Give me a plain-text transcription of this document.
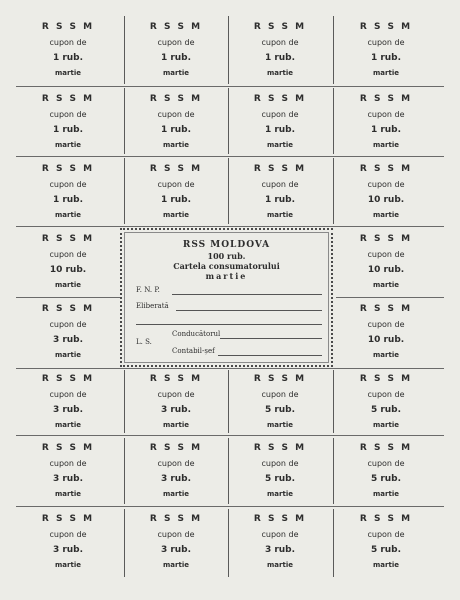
R S S M
cupon de
1 rub.
martie
R S S M
cupon de
1 rub.
martie
R S S M
cupon de
1 rub.
martie
R S S M
cupon de
1 rub.
martie
R S S M
cupon de
1 rub.
martie
R S S M
cupon de
1 rub.
martie
R S S M
cupon de
1 rub.
martie
R S S M
cupon de
1 rub.
martie
R S S M
cupon de
1 rub.
martie
R S S M
cupon de
1 rub.
martie
R S S M
cupon de
1 rub.
martie
R S S M
cupon de
10 rub.
martie
R S S M
cupon de
10 rub.
martie
R S S M
cupon de
10 rub.
martie
R S S M
cupon de
3 rub.
martie
R S S M
cupon de
10 rub.
martie
R S S M
cupon de
3 rub.
martie
R S S M
cupon de
3 rub.
martie
R S S M
cupon de
5 rub.
martie
R S S M
cupon de
5 rub.
martie
R S S M
cupon de
3 rub.
martie
R S S M
cupon de
3 rub.
martie
R S S M
cupon de
5 rub.
martie
R S S M
cupon de
5 rub.
martie
R S S M
cupon de
3 rub.
martie
R S S M
cupon de
3 rub.
martie
R S S M
cupon de
3 rub.
martie
R S S M
cupon de
5 rub.
martie
RSS MOLDOVA
100 rub.
Cartela consumatorului
martie
F. N. P.
Eliberată
Conducătorul
L. S.
Contabil-șef
